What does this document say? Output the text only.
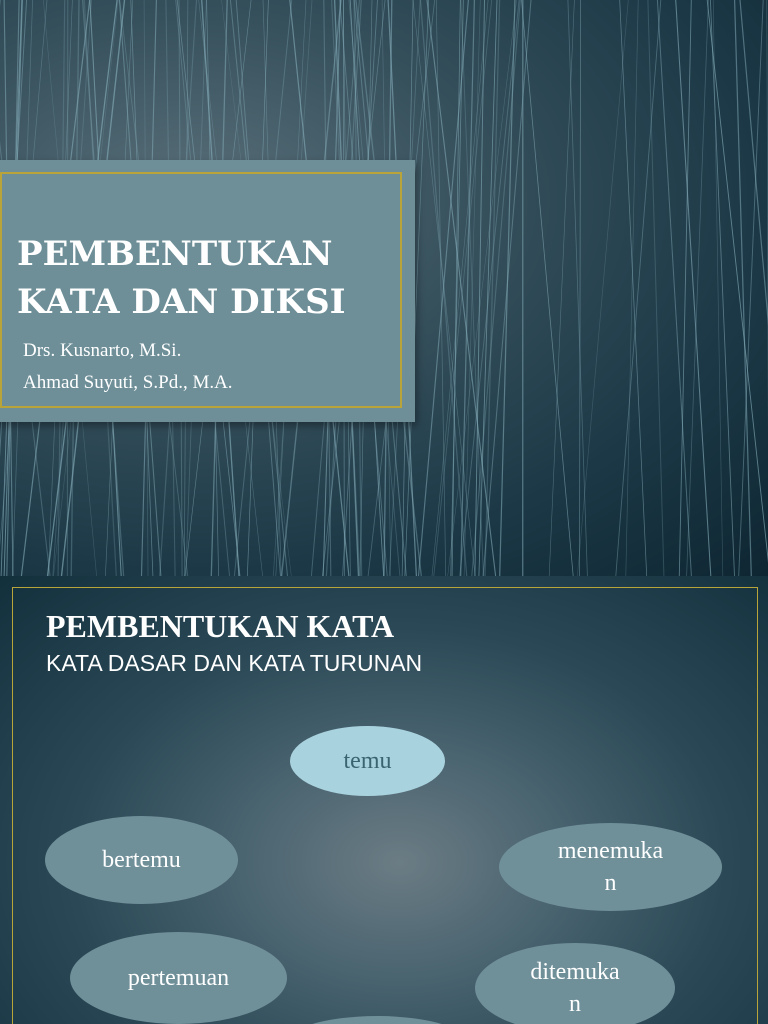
PEMBENTUKAN KATA DAN DIKSI
Drs. Kusnarto, M.Si.
Ahmad Suyuti, S.Pd., M.A.
PEMBENTUKAN KATA

KATA DASAR DAN KATA TURUNAN

temu
bertemu	menemuka
n
pertemuan	ditemuka
n
